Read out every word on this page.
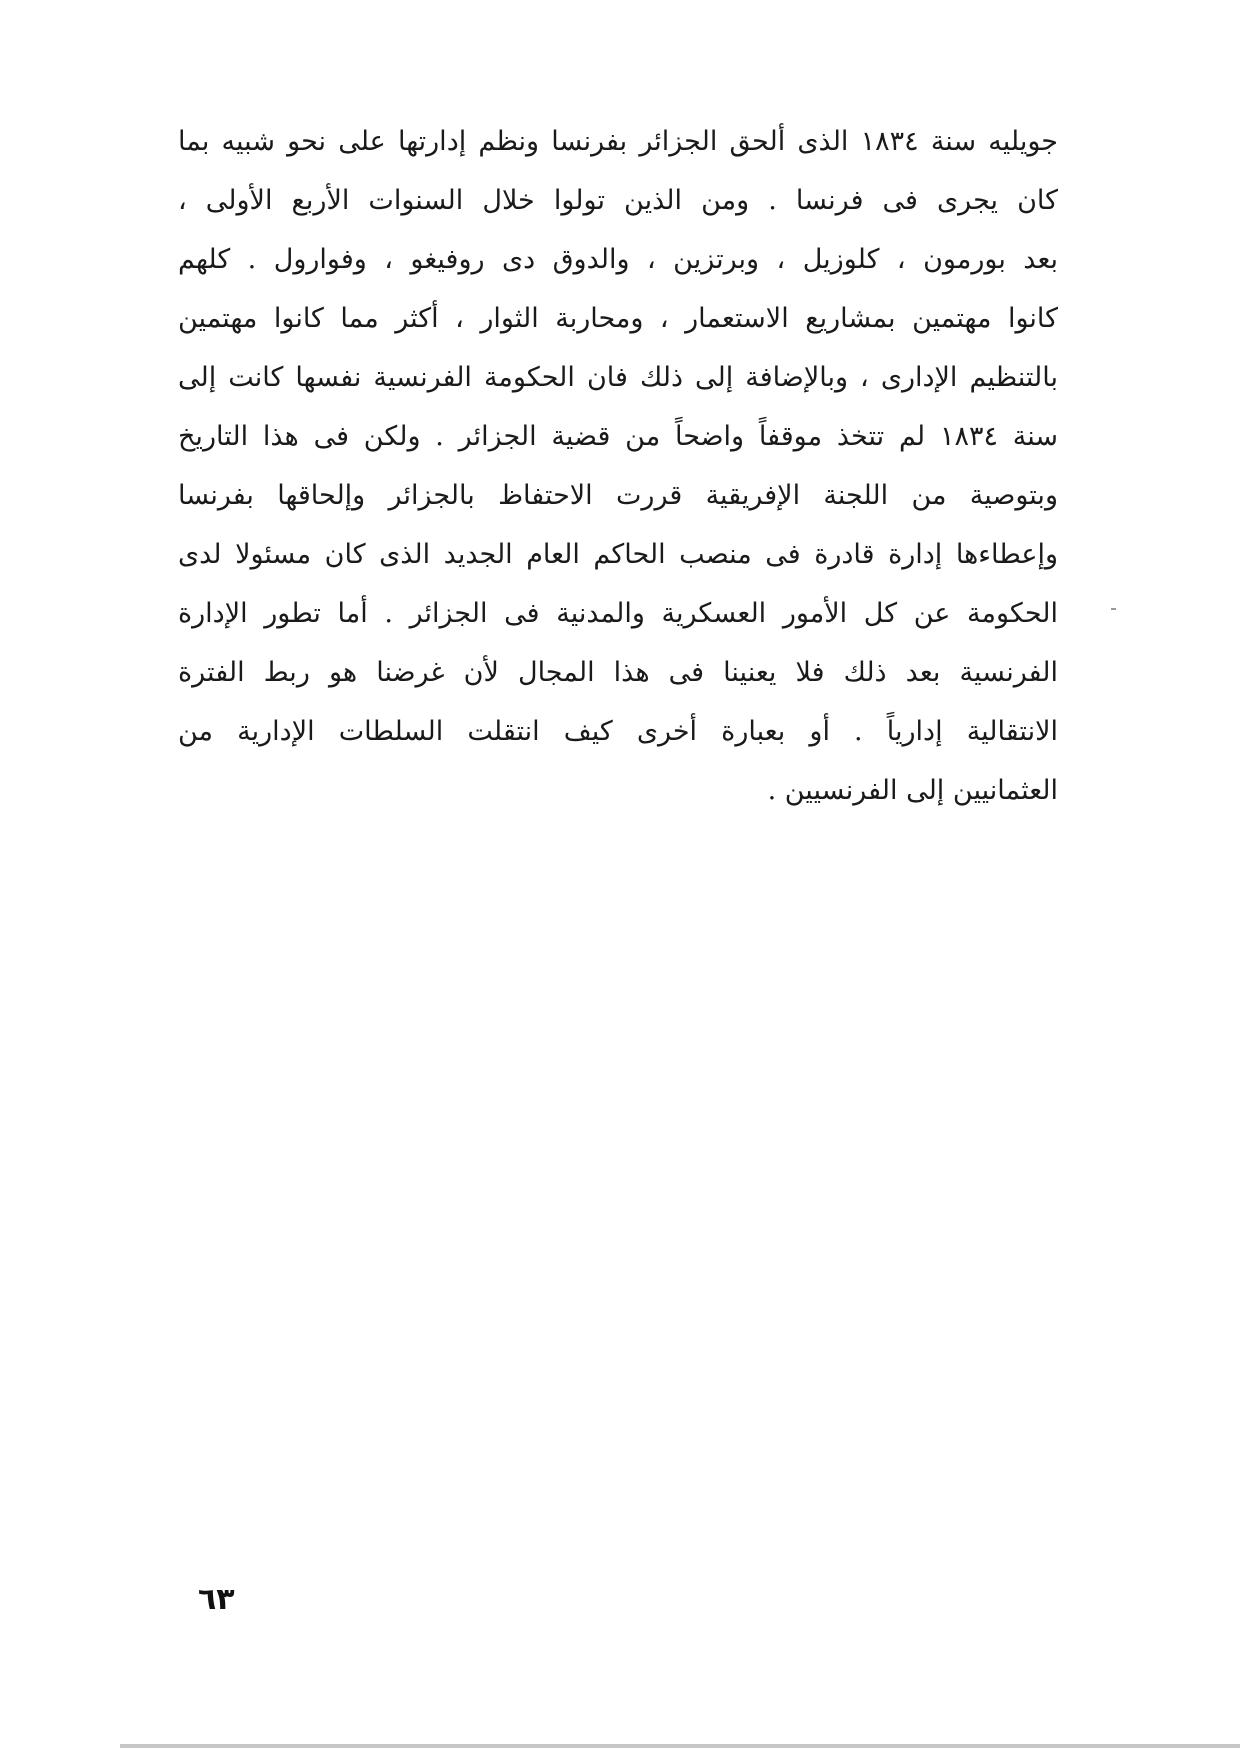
جويليه سنة ١٨٣٤ الذى ألحق الجزائر بفرنسا ونظم إدارتها على نحو شبيه بما
كان يجرى فى فرنسا . ومن الذين تولوا خلال السنوات الأربع الأولى ،
بعد بورمون ، كلوزيل ، وبرتزين ، والدوق دى روفيغو ، وفوارول . كلهم
كانوا مهتمين بمشاريع الاستعمار ، ومحاربة الثوار ، أكثر مما كانوا مهتمين
بالتنظيم الإدارى ، وبالإضافة إلى ذلك فان الحكومة الفرنسية نفسها كانت إلى
سنة ١٨٣٤ لم تتخذ موقفاً واضحاً من قضية الجزائر . ولكن فى هذا التاريخ
وبتوصية من اللجنة الإفريقية قررت الاحتفاظ بالجزائر وإلحاقها بفرنسا
وإعطاءها إدارة قادرة فى منصب الحاكم العام الجديد الذى كان مسئولا لدى
الحكومة عن كل الأمور العسكرية والمدنية فى الجزائر . أما تطور الإدارة
الفرنسية بعد ذلك فلا يعنينا فى هذا المجال لأن غرضنا هو ربط الفترة
الانتقالية إدارياً . أو بعبارة أخرى كيف انتقلت السلطات الإدارية من
العثمانيين إلى الفرنسيين .
٦٣
